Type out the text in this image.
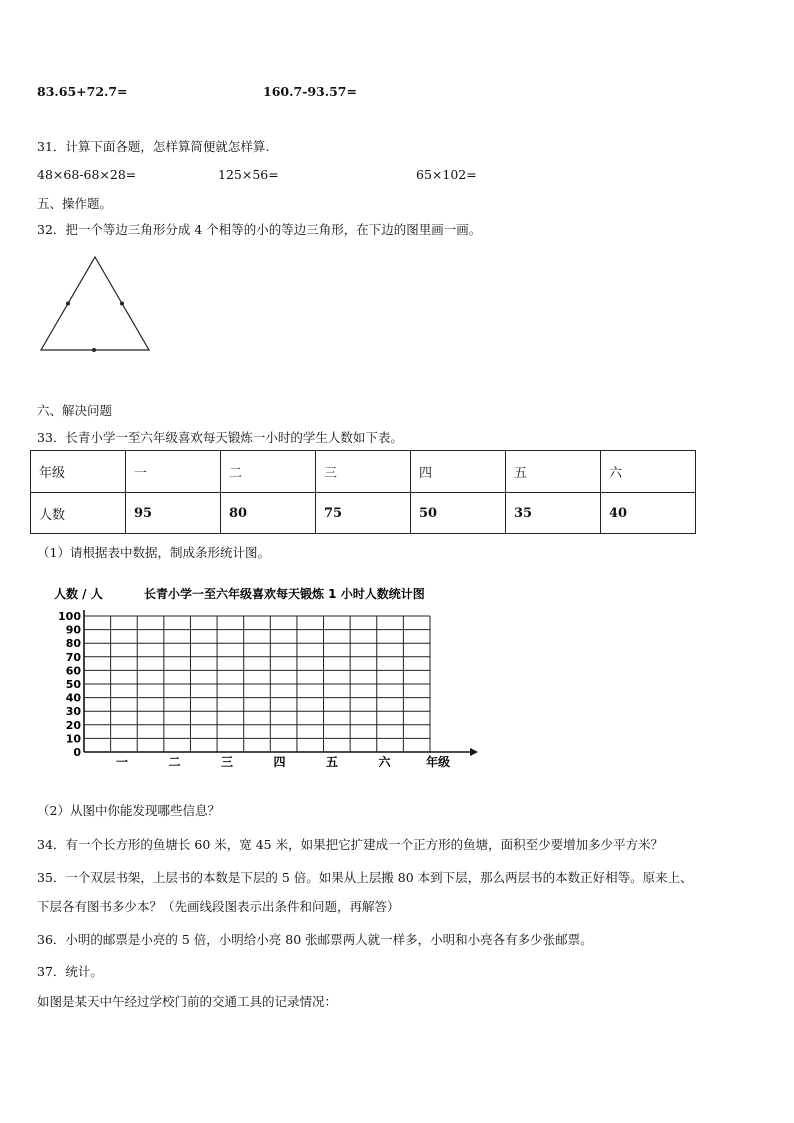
83.65+72.7=	160.7-93.57=
31．计算下面各题，怎样算简便就怎样算.
48×68-68×28=	125×56=	65×102=
五、操作题。
32．把一个等边三角形分成 4 个相等的小的等边三角形，在下边的图里画一画。
六、解决问题
33．长青小学一至六年级喜欢每天锻炼一小时的学生人数如下表。
年级	一	二	三	四	五	六
人数	95	80	75	50	35	40
（1）请根据表中数据，制成条形统计图。
人数 / 人	长青小学一至六年级喜欢每天锻炼 1 小时人数统计图
0
10
20
30
40
50
60
70
80
90
100
一	二	三	四	五	六	年级
（2）从图中你能发现哪些信息？
34．有一个长方形的鱼塘长 60 米，宽 45 米，如果把它扩建成一个正方形的鱼塘，面积至少要增加多少平方米？
35．一个双层书架，上层书的本数是下层的 5 倍。如果从上层搬 80 本到下层，那么两层书的本数正好相等。原来上、
下层各有图书多少本？（先画线段图表示出条件和问题，再解答）
36．小明的邮票是小亮的 5 倍，小明给小亮 80 张邮票两人就一样多，小明和小亮各有多少张邮票。
37．统计。
如图是某天中午经过学校门前的交通工具的记录情况：
